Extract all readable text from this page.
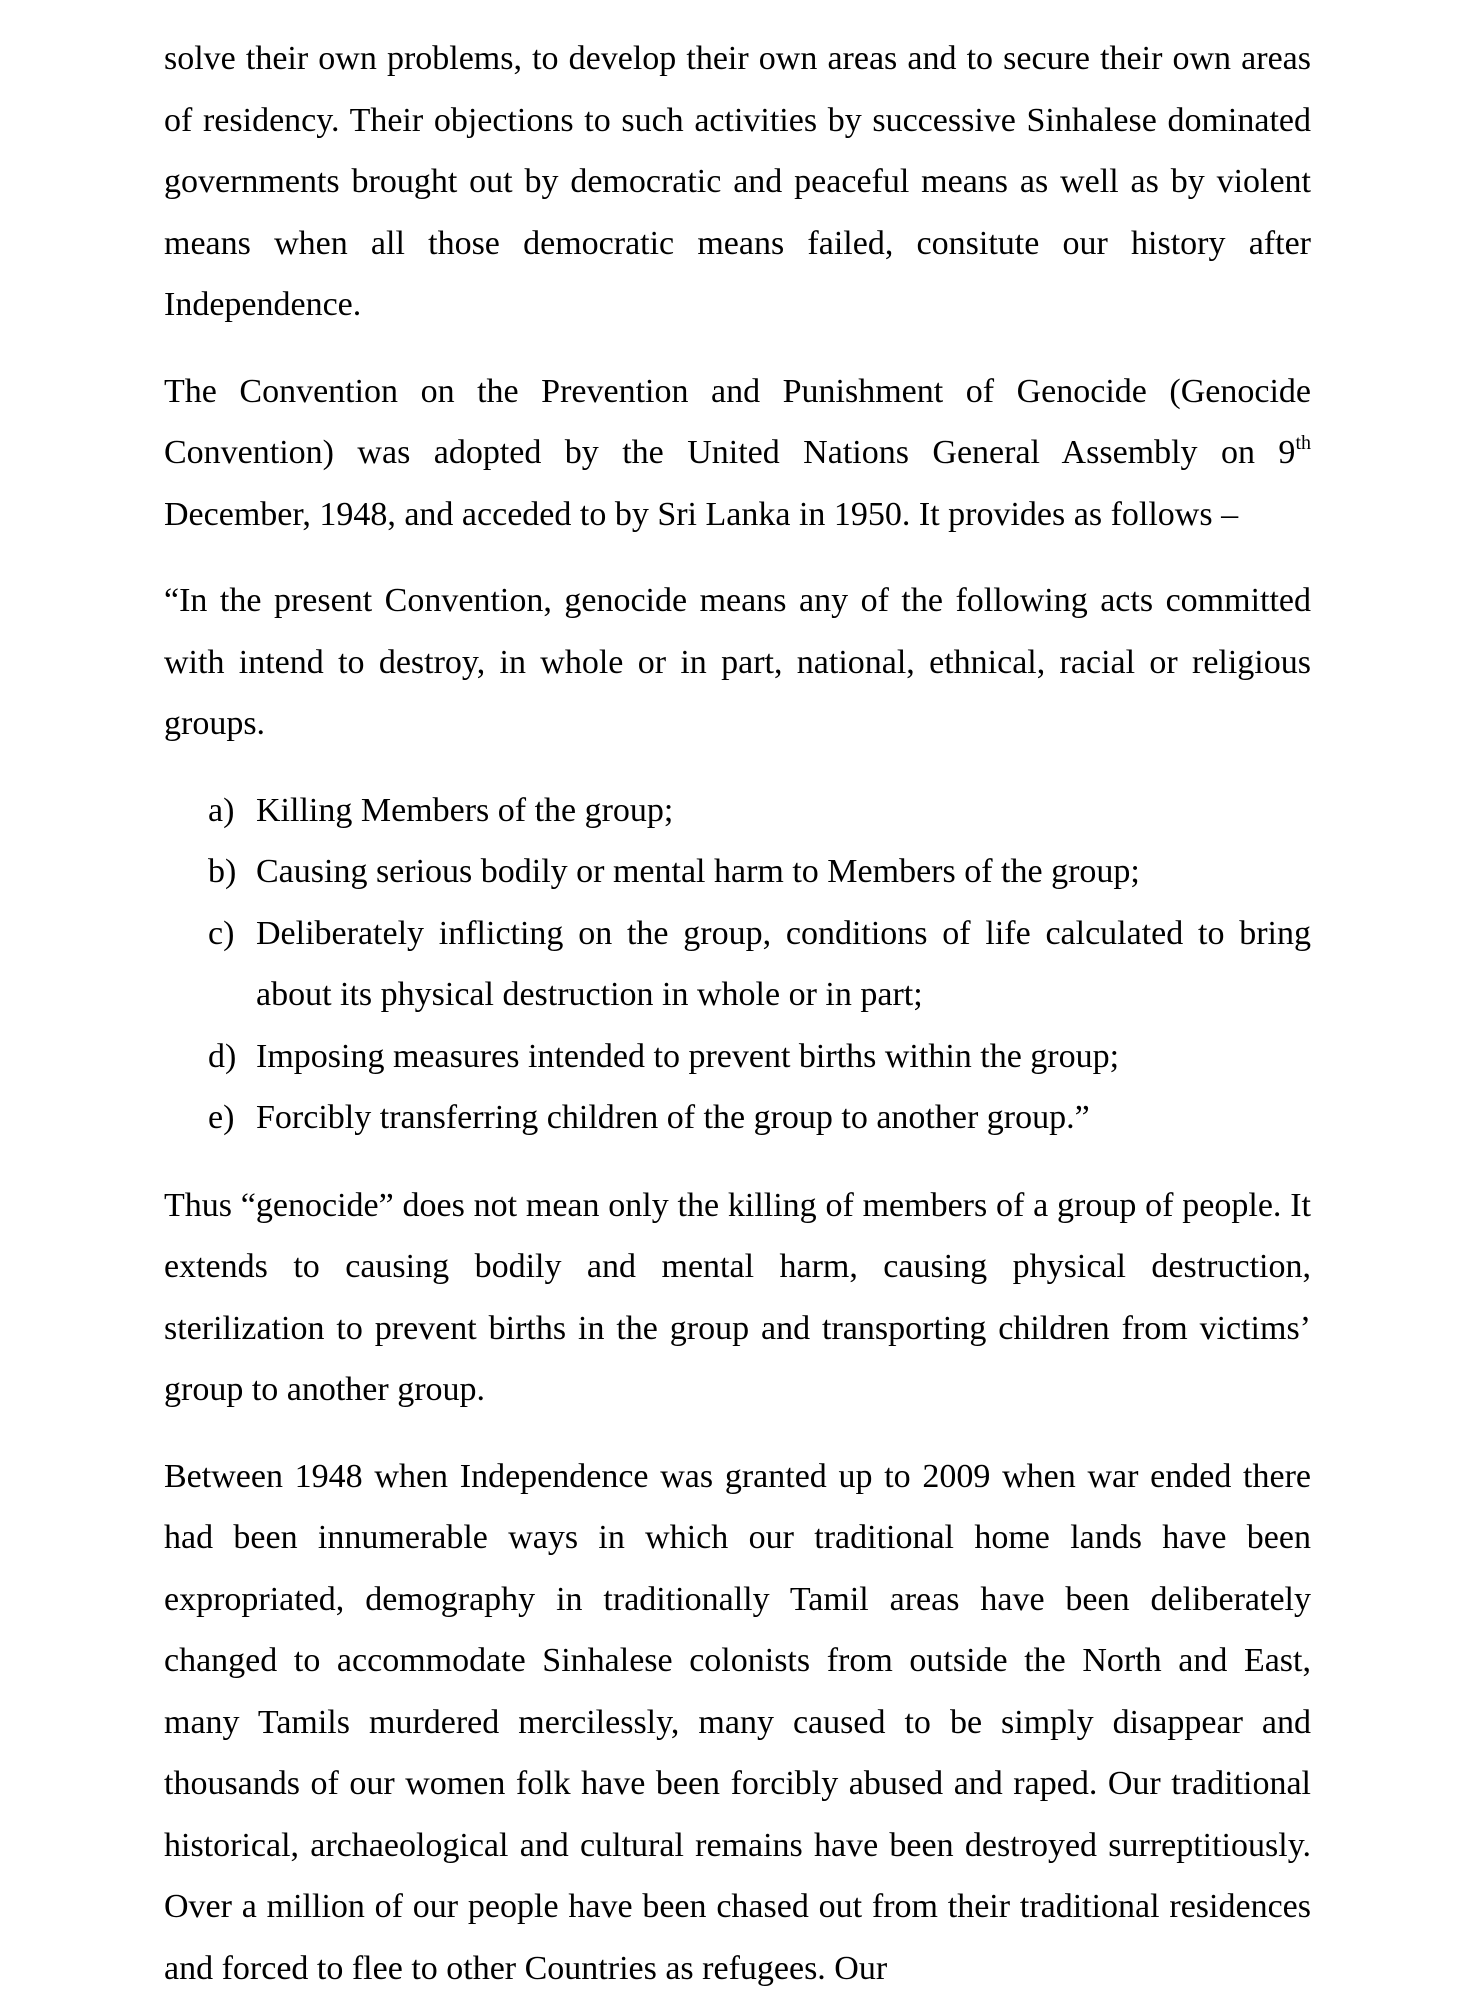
solve their own problems, to develop their own areas and to secure their own areas of residency. Their objections to such activities by successive Sinhalese dominated governments brought out by democratic and peaceful means as well as by violent means when all those democratic means failed, consitute our history after Independence.

The Convention on the Prevention and Punishment of Genocide (Genocide Convention) was adopted by the United Nations General Assembly on 9th December, 1948, and acceded to by Sri Lanka in 1950. It provides as follows –

“In the present Convention, genocide means any of the following acts committed with intend to destroy, in whole or in part, national, ethnical, racial or religious groups.

a) Killing Members of the group;
b) Causing serious bodily or mental harm to Members of the group;
c) Deliberately inflicting on the group, conditions of life calculated to bring about its physical destruction in whole or in part;
d) Imposing measures intended to prevent births within the group;
e) Forcibly transferring children of the group to another group.”

Thus “genocide” does not mean only the killing of members of a group of people. It extends to causing bodily and mental harm, causing physical destruction, sterilization to prevent births in the group and transporting children from victims’ group to another group.

Between 1948 when Independence was granted up to 2009 when war ended there had been innumerable ways in which our traditional home lands have been expropriated, demography in traditionally Tamil areas have been deliberately changed to accommodate Sinhalese colonists from outside the North and East, many Tamils murdered mercilessly, many caused to be simply disappear and thousands of our women folk have been forcibly abused and raped. Our traditional historical, archaeological and cultural remains have been destroyed surreptitiously. Over a million of our people have been chased out from their traditional residences and forced to flee to other Countries as refugees. Our
